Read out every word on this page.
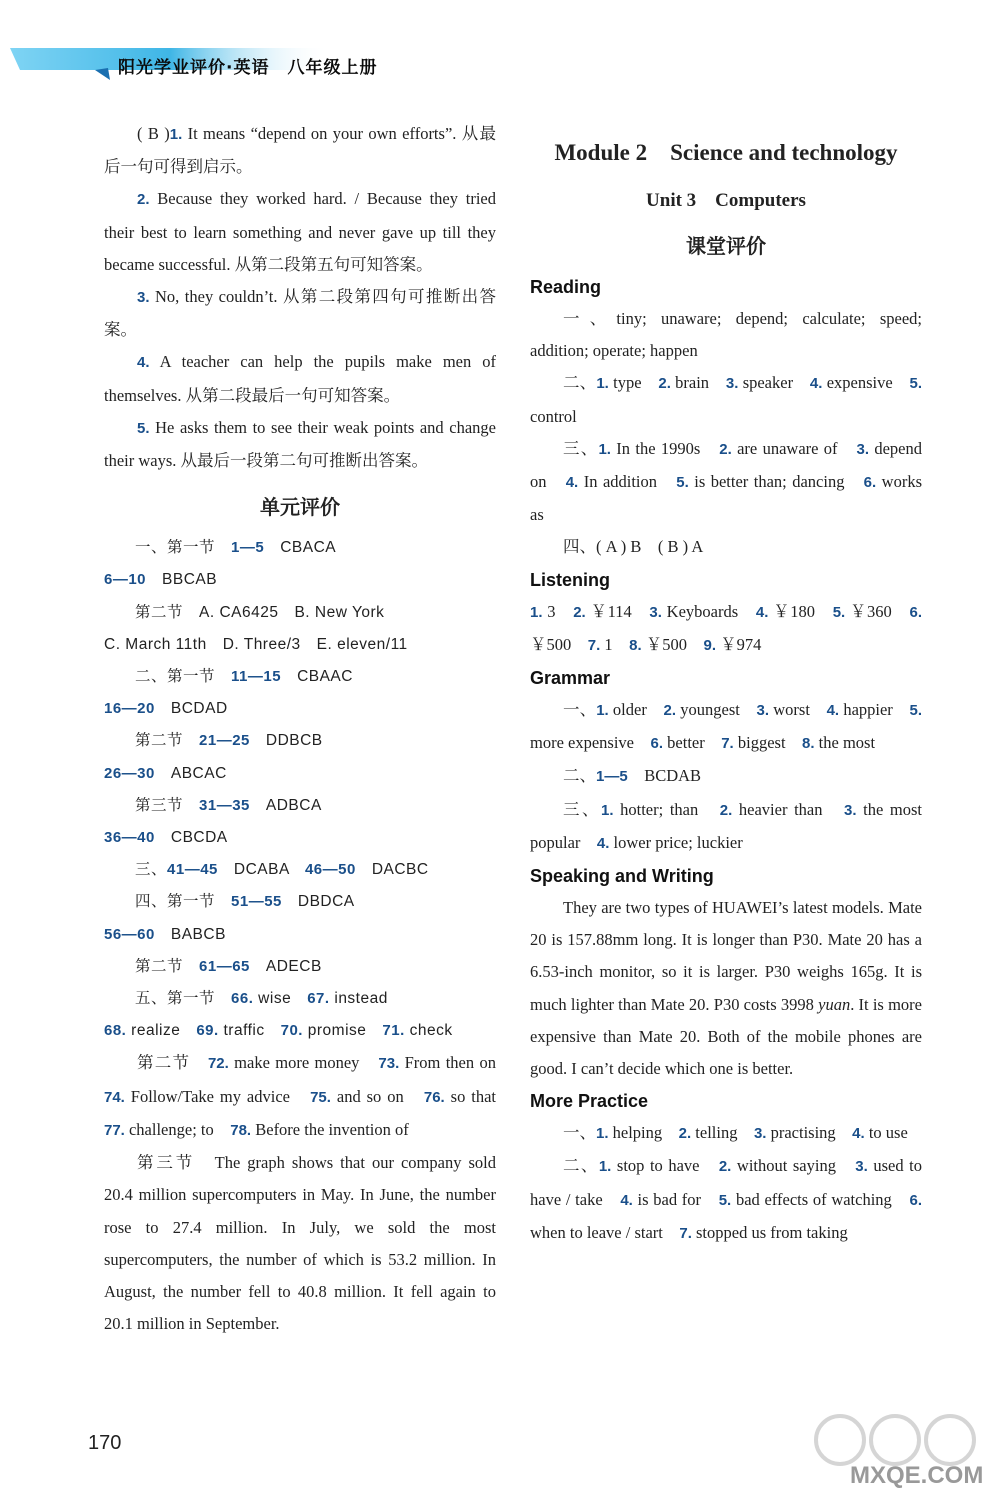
阳光学业评价·英语　八年级上册
( B )1. It means “depend on your own efforts”. 从最后一句可得到启示。
2. Because they worked hard. / Because they tried their best to learn something and never gave up till they became successful. 从第二段第五句可知答案。
3. No, they couldn’t. 从第二段第四句可推断出答案。
4. A teacher can help the pupils make men of themselves. 从第二段最后一句可知答案。
5. He asks them to see their weak points and change their ways. 从最后一段第二句可推断出答案。
单元评价
一、第一节　1—5　CBACA
6—10　BBCAB
第二节　A. CA6425　B. New York
C. March 11th　D. Three/3　E. eleven/11
二、第一节　11—15　CBAAC
16—20　BCDAD
第二节　21—25　DDBCB
26—30　ABCAC
第三节　31—35　ADBCA
36—40　CBCDA
三、41—45　DCABA　46—50　DACBC
四、第一节　51—55　DBDCA
56—60　BABCB
第二节　61—65　ADECB
五、第一节　66. wise　67. instead
68. realize　69. traffic　70. promise　71. check
第二节　72. make more money　73. From then on　74. Follow/Take my advice　75. and so on　76. so that　77. challenge; to　78. Before the invention of
第三节　The graph shows that our company sold 20.4 million supercomputers in May. In June, the number rose to 27.4 million. In July, we sold the most supercomputers, the number of which is 53.2 million. In August, the number fell to 40.8 million. It fell again to 20.1 million in September.
Module 2　Science and technology
Unit 3　Computers
课堂评价
Reading
一、tiny; unaware; depend; calculate; speed; addition; operate; happen
二、1. type　2. brain　3. speaker　4. expensive　5. control
三、1. In the 1990s　2. are unaware of　3. depend on　4. In addition　5. is better than; dancing　6. works as
四、( A ) B　( B ) A
Listening
1. 3　2. ￥114　3. Keyboards　4. ￥180　5. ￥360　6. ￥500　7. 1　8. ￥500　9. ￥974
Grammar
一、1. older　2. youngest　3. worst　4. happier　5. more expensive　6. better　7. biggest　8. the most
二、1—5　BCDAB
三、1. hotter; than　2. heavier than　3. the most popular　4. lower price; luckier
Speaking and Writing
They are two types of HUAWEI’s latest models. Mate 20 is 157.88mm long. It is longer than P30. Mate 20 has a 6.53-inch monitor, so it is larger. P30 weighs 165g. It is much lighter than Mate 20. P30 costs 3998 yuan. It is more expensive than Mate 20. Both of the mobile phones are good. I can’t decide which one is better.
More Practice
一、1. helping　2. telling　3. practising　4. to use
二、1. stop to have　2. without saying　3. used to have / take　4. is bad for　5. bad effects of watching　6. when to leave / start　7. stopped us from taking
170
MXQE.COM
